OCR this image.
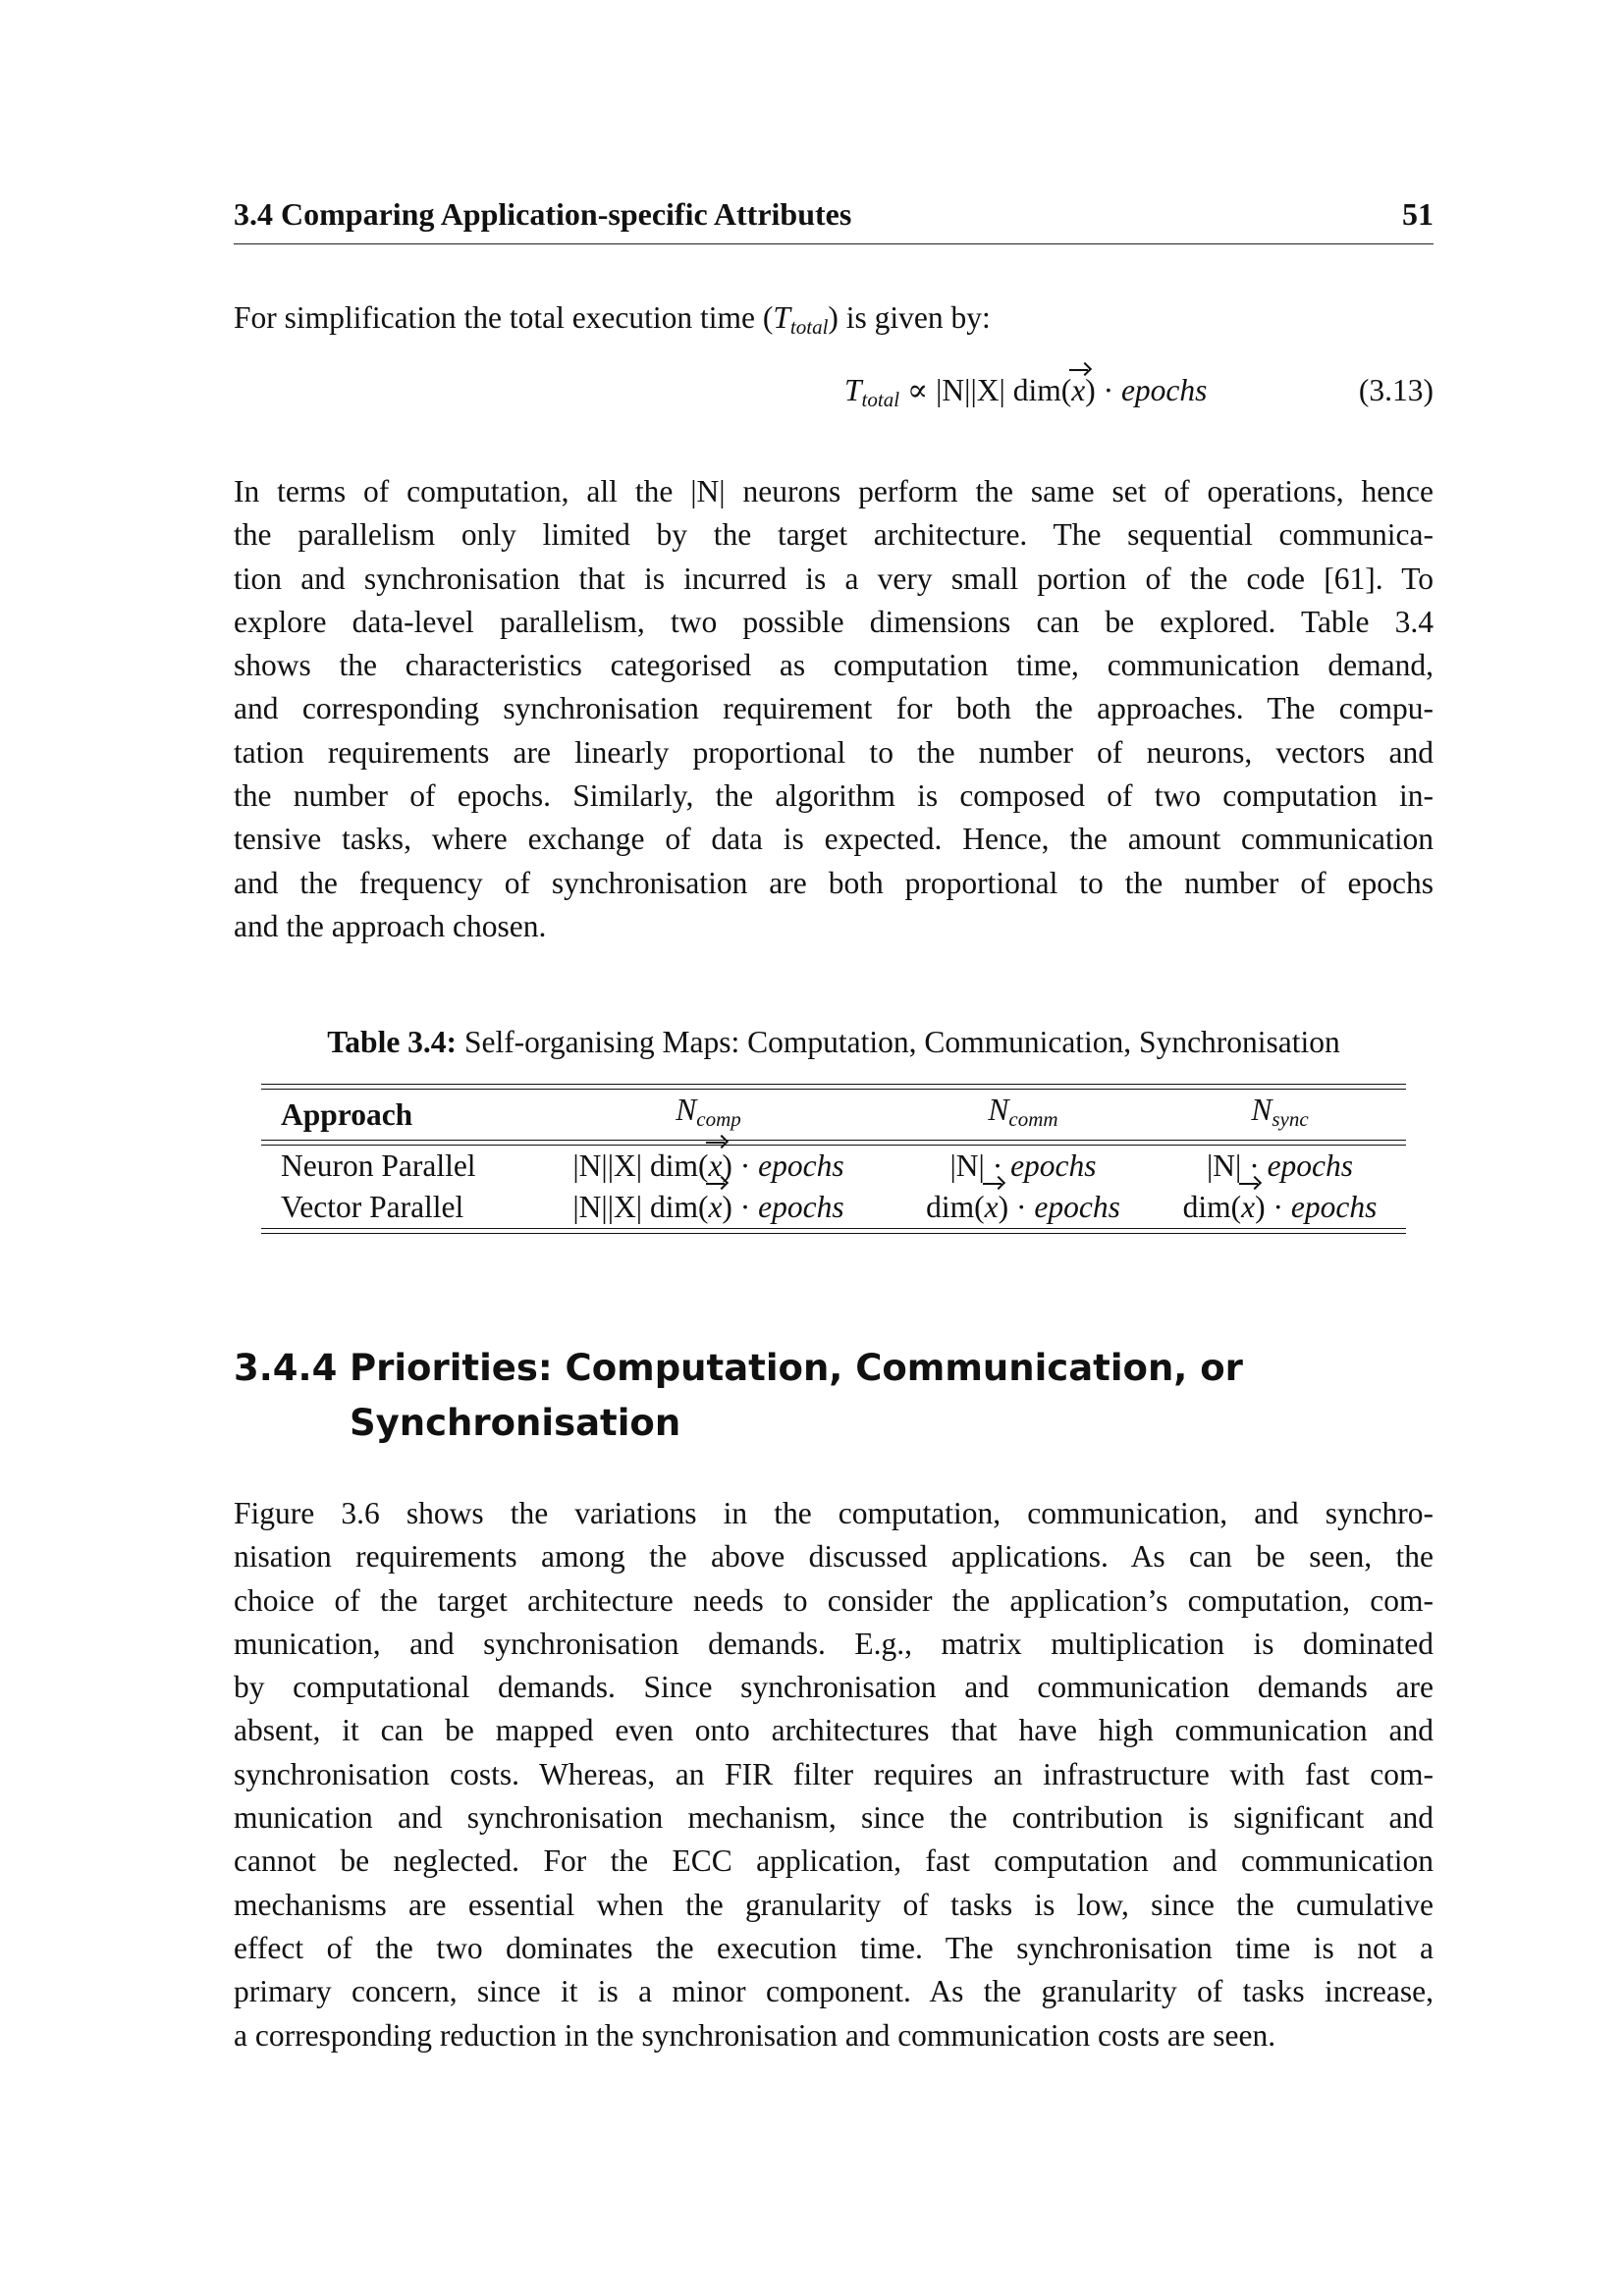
3.4 Comparing Application-specific Attributes	51
For simplification the total execution time $(T_{total})$ is given by:
$T_{total} \propto |N||X|$ dim(x) · epochs	(3.13)
In terms of computation, all the |N| neurons perform the same set of operations, hence
the parallelism only limited by the target architecture. The sequential communica-
tion and synchronisation that is incurred is a very small portion of the code [61]. To
explore data-level parallelism, two possible dimensions can be explored. Table 3.4
shows the characteristics categorised as computation time, communication demand,
and corresponding synchronisation requirement for both the approaches. The compu-
tation requirements are linearly proportional to the number of neurons, vectors and
the number of epochs. Similarly, the algorithm is composed of two computation in-
tensive tasks, where exchange of data is expected. Hence, the amount communication
and the frequency of synchronisation are both proportional to the number of epochs
and the approach chosen.
Table 3.4: Self-organising Maps: Computation, Communication, Synchronisation
Approach	$N_{comp}$	$N_{comm}$	$N_{sync}$
Neuron Parallel	|N||X| dim(x) · epochs	|N| · epochs	|N| · epochs
Vector Parallel	|N||X| dim(x) · epochs	dim(x) · epochs	dim(x) · epochs
3.4.4 Priorities: Computation, Communication, or
Synchronisation
Figure 3.6 shows the variations in the computation, communication, and synchro-
nisation requirements among the above discussed applications. As can be seen, the
choice of the target architecture needs to consider the application’s computation, com-
munication, and synchronisation demands. E.g., matrix multiplication is dominated
by computational demands. Since synchronisation and communication demands are
absent, it can be mapped even onto architectures that have high communication and
synchronisation costs. Whereas, an FIR filter requires an infrastructure with fast com-
munication and synchronisation mechanism, since the contribution is significant and
cannot be neglected. For the ECC application, fast computation and communication
mechanisms are essential when the granularity of tasks is low, since the cumulative
effect of the two dominates the execution time. The synchronisation time is not a
primary concern, since it is a minor component. As the granularity of tasks increase,
a corresponding reduction in the synchronisation and communication costs are seen.
